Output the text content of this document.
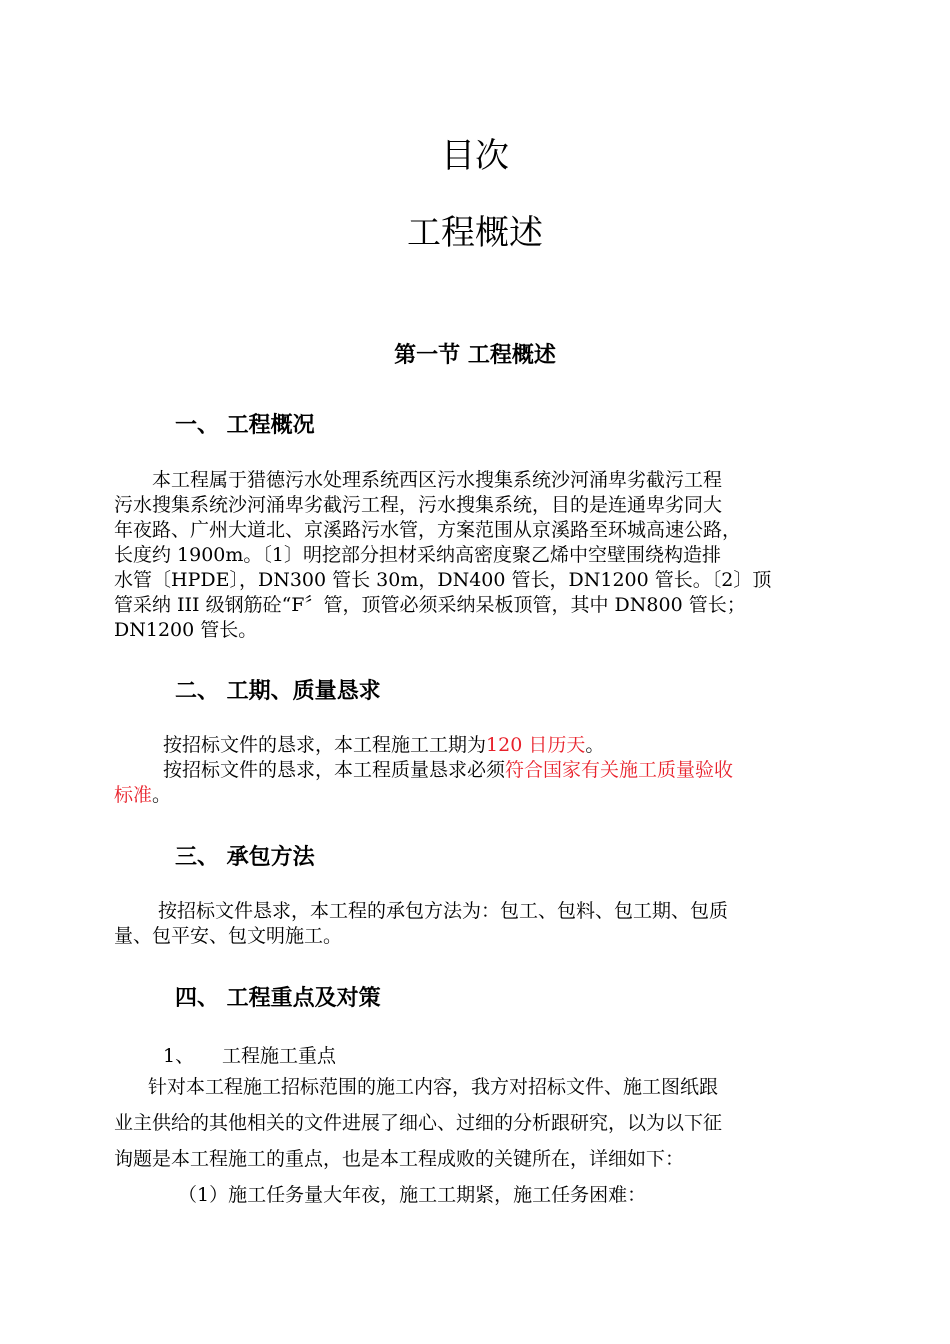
目次
工程概述
第一节 工程概述
一、 工程概况
　　本工程属于猎德污水处理系统西区污水搜集系统沙河涌卑劣截污工程
污水搜集系统沙河涌卑劣截污工程，污水搜集系统，目的是连通卑劣同大
年夜路、广州大道北、京溪路污水管，方案范围从京溪路至环城高速公路，
长度约 1900m。〔1〕明挖部分担材采纳高密度聚乙烯中空壁围绕构造排
水管〔HPDE〕，DN300 管长 30m，DN400 管长，DN1200 管长。〔2〕顶
管采纳 III 级钢筋砼“F〞管，顶管必须采纳呆板顶管，其中 DN800 管长；
DN1200 管长。
二、 工期、质量恳求
按招标文件的恳求，本工程施工工期为120 日历天。
按招标文件的恳求，本工程质量恳求必须符合国家有关施工质量验收
标准。
三、 承包方法
按招标文件恳求，本工程的承包方法为：包工、包料、包工期、包质
量、包平安、包文明施工。
四、 工程重点及对策
1、 工程施工重点
针对本工程施工招标范围的施工内容，我方对招标文件、施工图纸跟
业主供给的其他相关的文件进展了细心、过细的分析跟研究，以为以下征
询题是本工程施工的重点，也是本工程成败的关键所在，详细如下：
（1）施工任务量大年夜，施工工期紧，施工任务困难：
